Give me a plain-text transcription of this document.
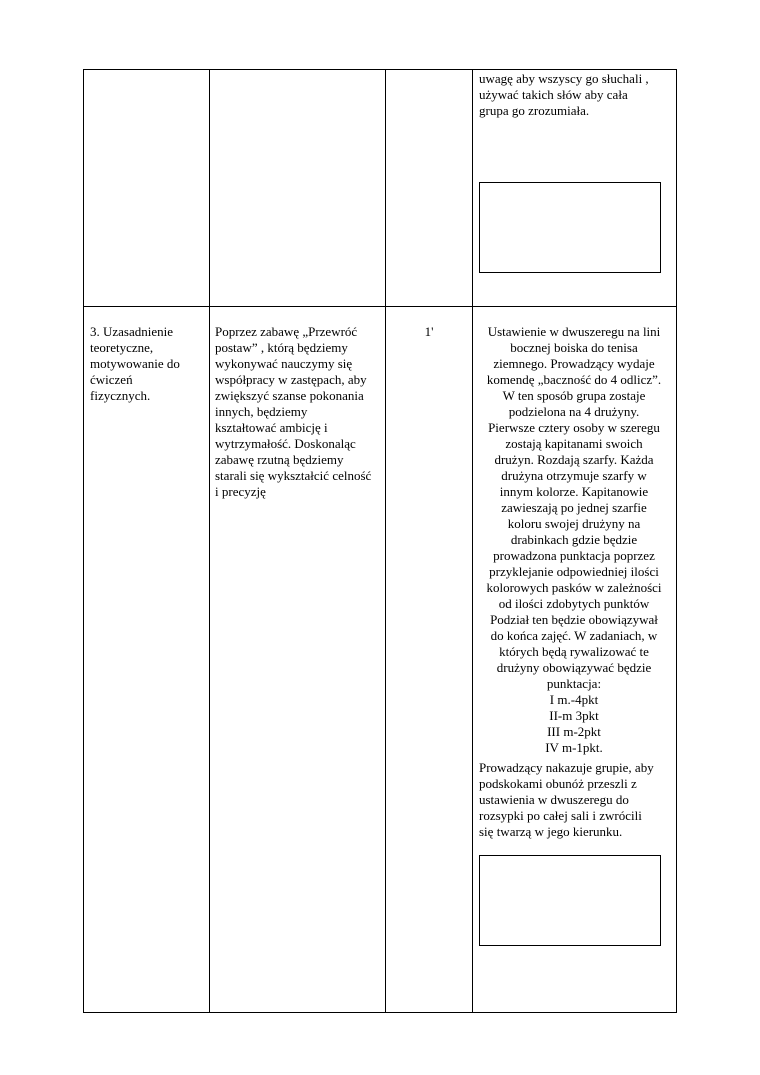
uwagę aby wszyscy go słuchali ,
używać takich słów aby cała
grupa go zrozumiała.
3. Uzasadnienie
teoretyczne,
motywowanie do
ćwiczeń
fizycznych.
Poprzez zabawę „Przewróć
postaw” , którą będziemy
wykonywać nauczymy się
współpracy w zastępach, aby
zwiększyć szanse pokonania
innych, będziemy
kształtować ambicję i
wytrzymałość. Doskonaląc
zabawę rzutną będziemy
starali się wykształcić celność
i precyzję
1'	Ustawienie w dwuszeregu na lini
bocznej boiska do tenisa
ziemnego. Prowadzący wydaje
komendę „baczność do 4 odlicz”.
W ten sposób grupa zostaje
podzielona na 4 drużyny.
Pierwsze cztery osoby w szeregu
zostają kapitanami swoich
drużyn. Rozdają szarfy. Każda
drużyna otrzymuje szarfy w
innym kolorze. Kapitanowie
zawieszają po jednej szarfie
koloru swojej drużyny na
drabinkach gdzie będzie
prowadzona punktacja poprzez
przyklejanie odpowiedniej ilości
kolorowych pasków w zależności
od ilości zdobytych punktów
Podział ten będzie obowiązywał
do końca zajęć. W zadaniach, w
których będą rywalizować te
drużyny obowiązywać będzie
punktacja:
I m.-4pkt
II-m 3pkt
III m-2pkt
IV m-1pkt.
Prowadzący nakazuje grupie, aby
podskokami obunóż przeszli z
ustawienia w dwuszeregu do
rozsypki po całej sali i zwrócili
się twarzą w jego kierunku.
